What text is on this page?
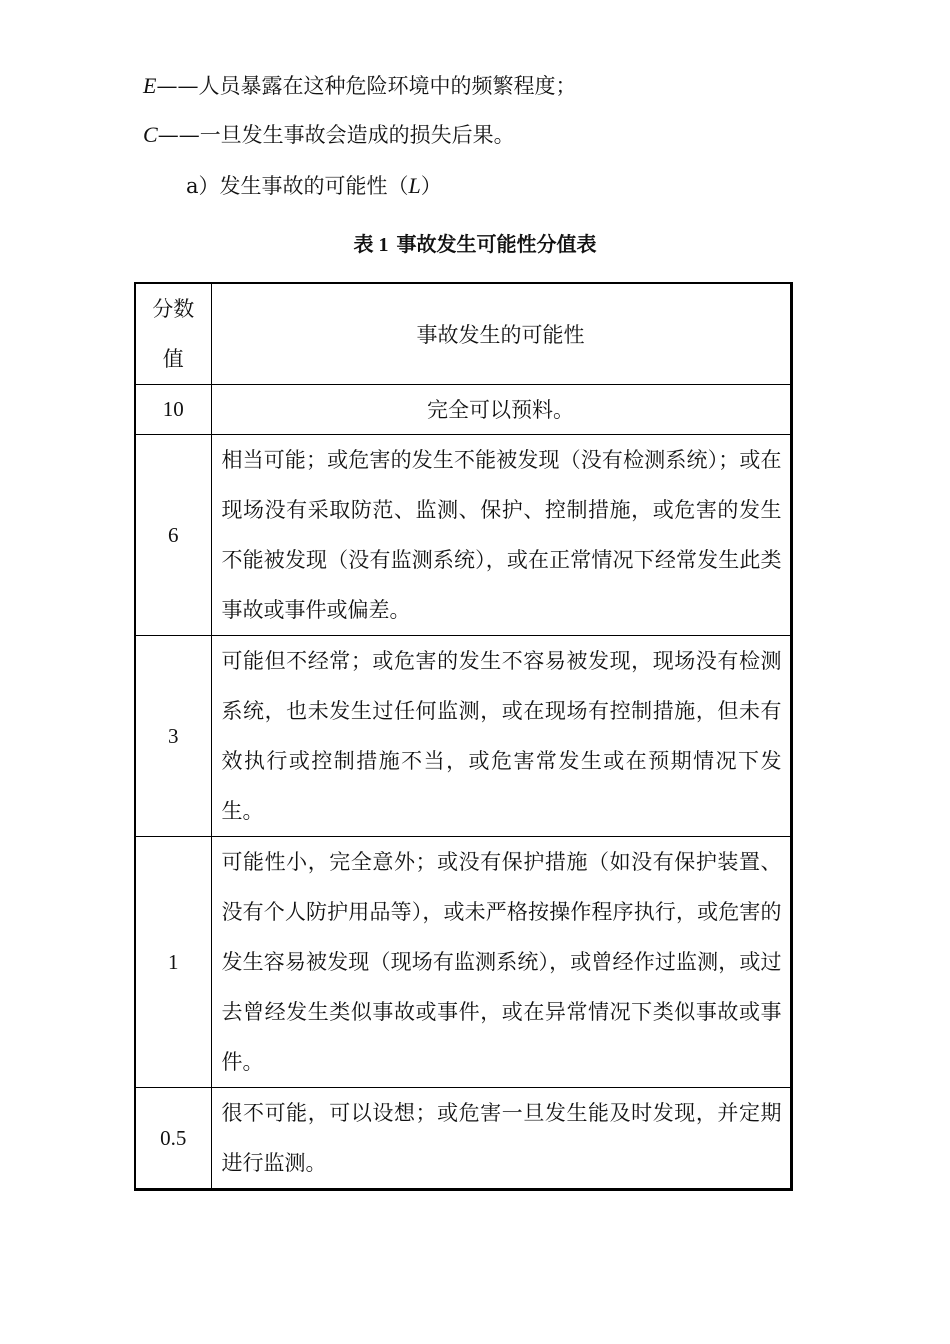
E——人员暴露在这种危险环境中的频繁程度；
C——一旦发生事故会造成的损失后果。
a）发生事故的可能性（L）
表 1 事故发生可能性分值表
分数值	事故发生的可能性
10	完全可以预料。
6	相当可能；或危害的发生不能被发现（没有检测系统）；或在现场没有采取防范、监测、保护、控制措施，或危害的发生不能被发现（没有监测系统），或在正常情况下经常发生此类事故或事件或偏差。
3	可能但不经常；或危害的发生不容易被发现，现场没有检测系统，也未发生过任何监测，或在现场有控制措施，但未有效执行或控制措施不当，或危害常发生或在预期情况下发生。
1	可能性小，完全意外；或没有保护措施（如没有保护装置、没有个人防护用品等），或未严格按操作程序执行，或危害的发生容易被发现（现场有监测系统），或曾经作过监测，或过去曾经发生类似事故或事件，或在异常情况下类似事故或事件。
0.5	很不可能，可以设想；或危害一旦发生能及时发现，并定期进行监测。
